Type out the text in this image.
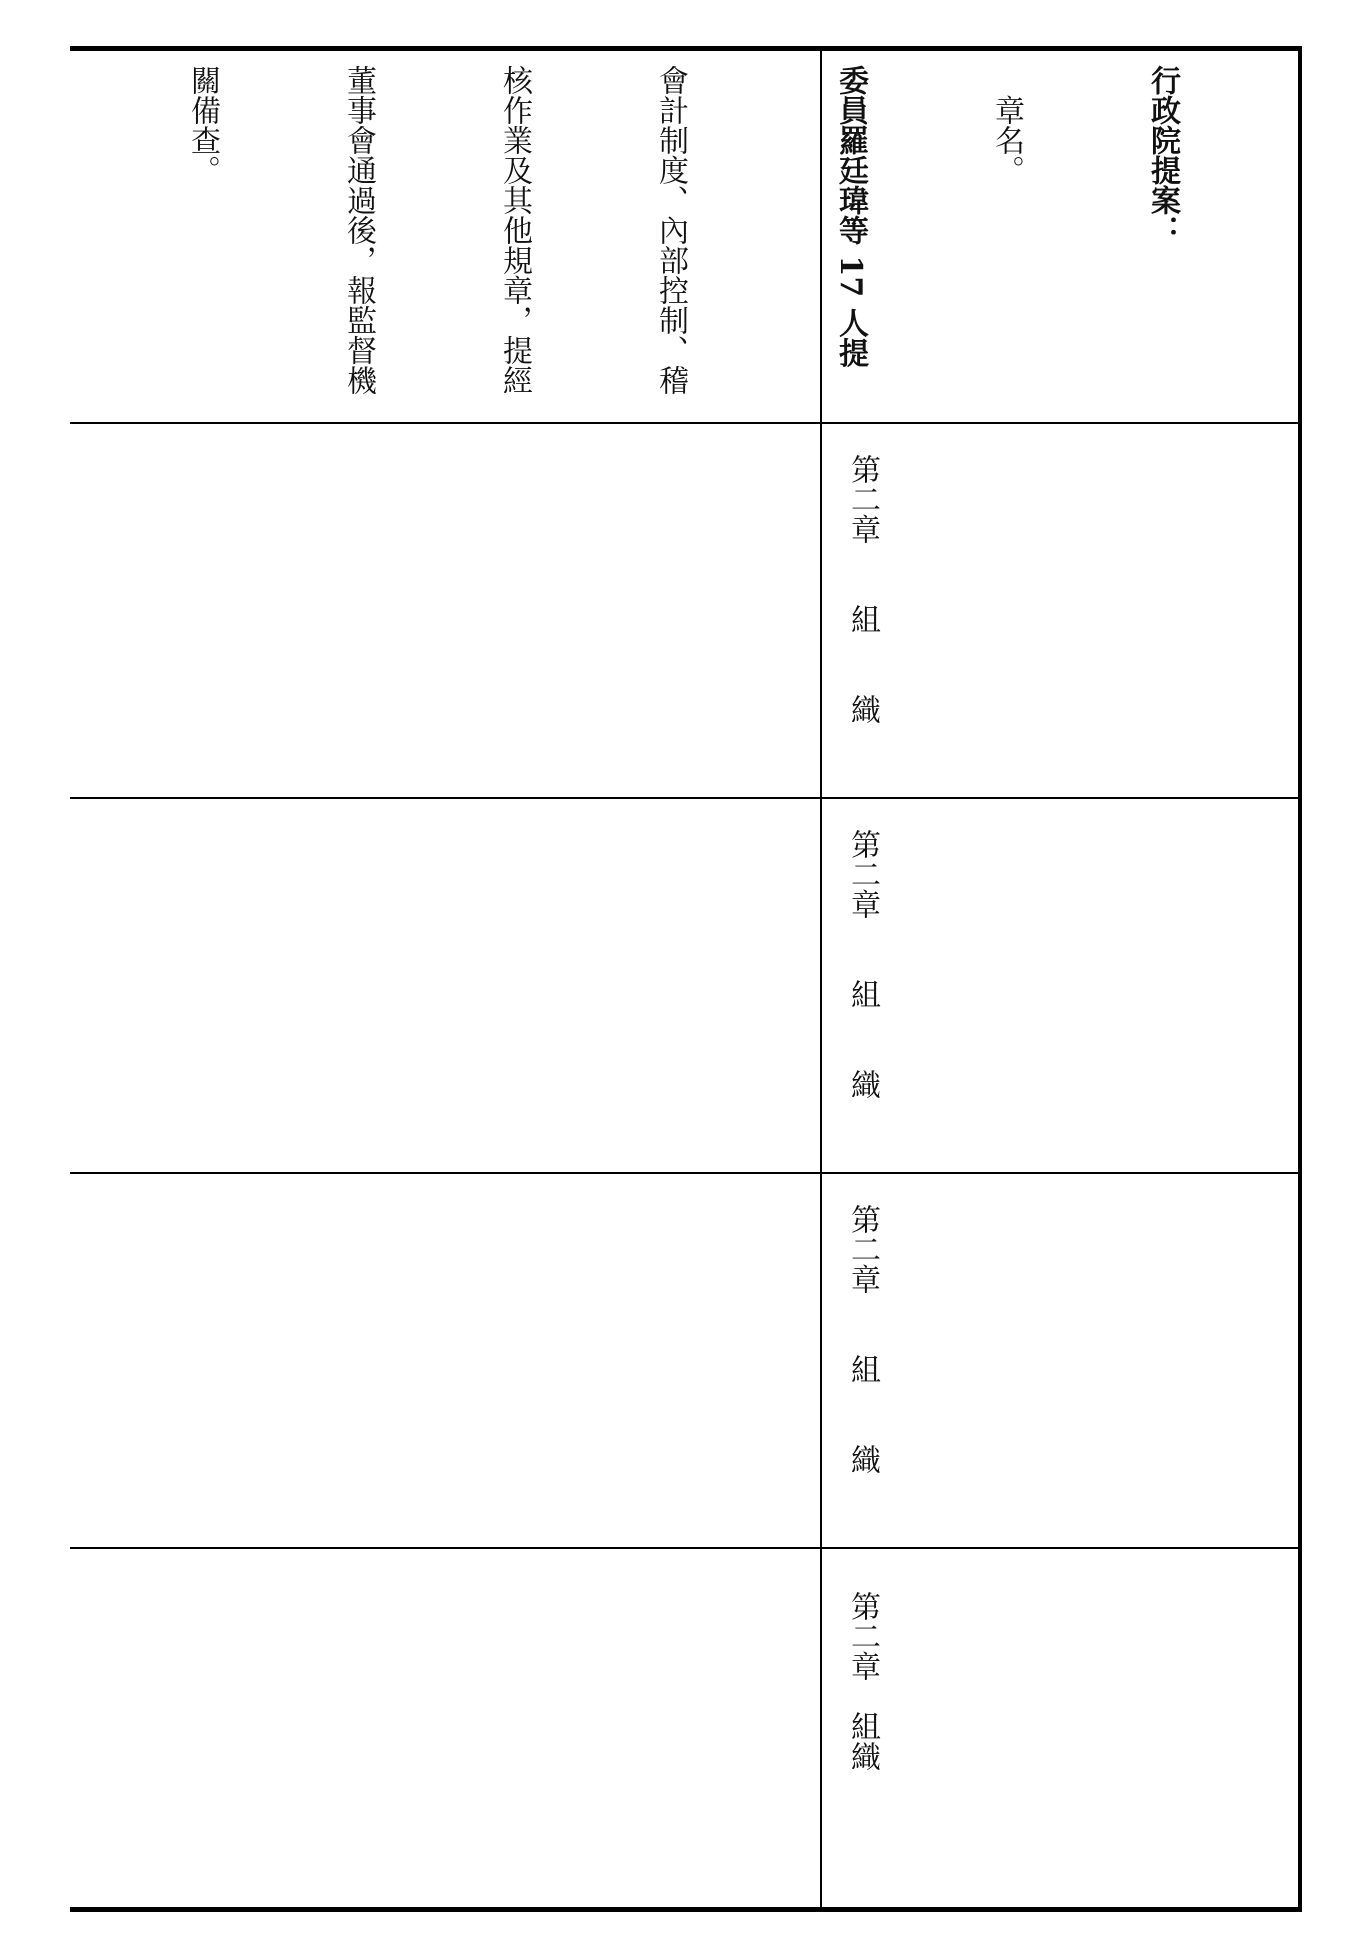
會計制度、內部控制、稽

核作業及其他規章，提經

董事會通過後，報監督機

關備查。

	行政院提案：

　章名。

委員羅廷瑋等 17 人提

第二章　　組　　織
第二章　　組　　織
第二章　　組　　織
第二章　組織
